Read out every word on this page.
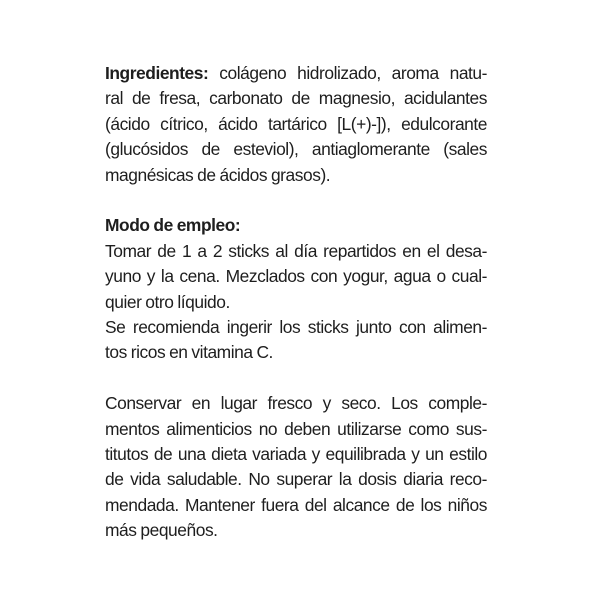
Ingredientes: colágeno hidrolizado, aroma natu-
ral de fresa, carbonato de magnesio, acidulantes
(ácido cítrico, ácido tartárico [L(+)-]), edulcorante
(glucósidos de esteviol), antiaglomerante (sales
magnésicas de ácidos grasos).
Modo de empleo:
Tomar de 1 a 2 sticks al día repartidos en el desa-
yuno y la cena. Mezclados con yogur, agua o cual-
quier otro líquido.
Se recomienda ingerir los sticks junto con alimen-
tos ricos en vitamina C.
Conservar en lugar fresco y seco. Los comple-
mentos alimenticios no deben utilizarse como sus-
titutos de una dieta variada y equilibrada y un estilo
de vida saludable. No superar la dosis diaria reco-
mendada. Mantener fuera del alcance de los niños
más pequeños.
